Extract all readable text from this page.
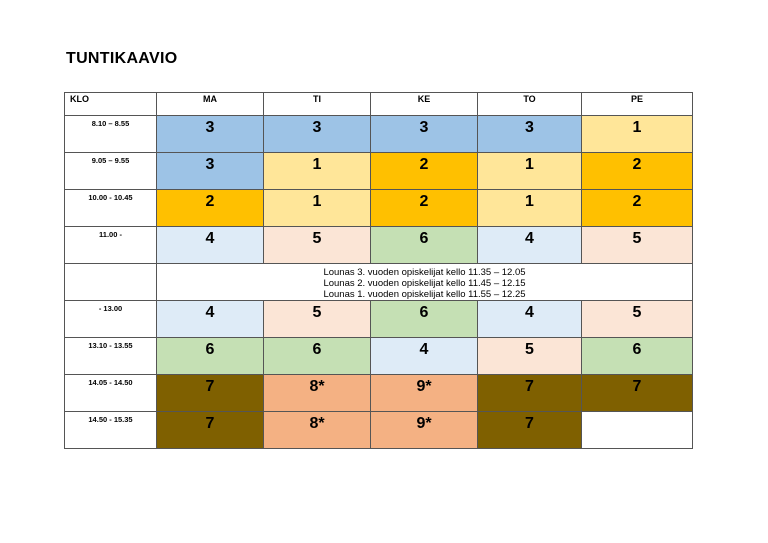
TUNTIKAAVIO
KLO	MA	TI	KE	TO	PE
8.10 – 8.55	3	3	3	3	1
9.05 – 9.55	3	1	2	1	2
10.00 - 10.45	2	1	2	1	2
11.00 -	4	5	6	4	5

	Lounas 3. vuoden opiskelijat kello 11.35 – 12.05
Lounas 2. vuoden opiskelijat kello 11.45 – 12.15
Lounas 1. vuoden opiskelijat kello 11.55 – 12.25				

- 13.00	4	5	6	4	5
13.10 - 13.55	6	6	4	5	6
14.05 - 14.50	7	8*	9*	7	7
14.50 - 15.35	7	8*	9*	7	
